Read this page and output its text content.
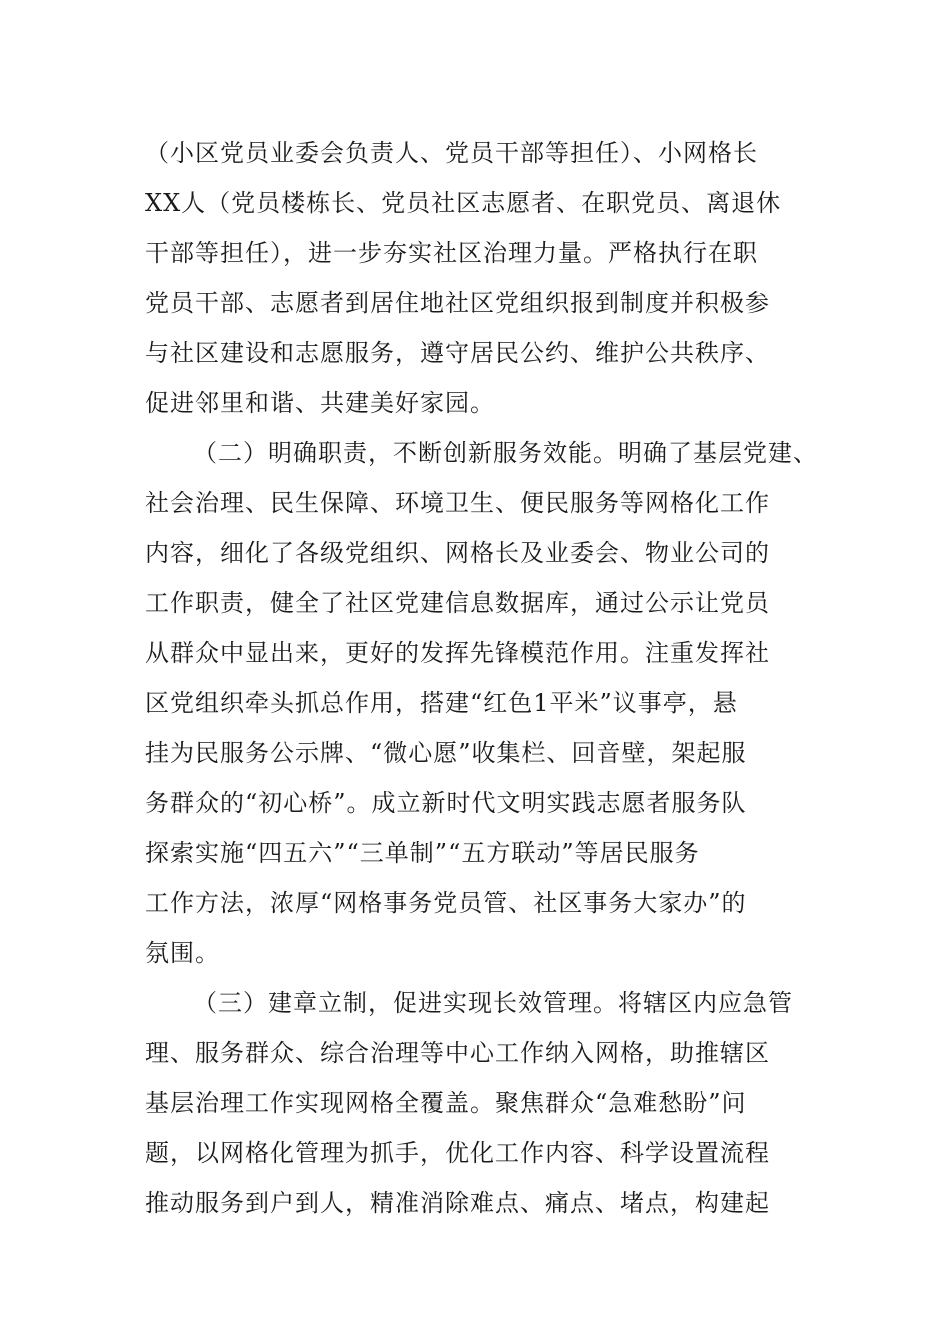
（小区党员业委会负责人、党员干部等担任）、小网格长
XX人（党员楼栋长、党员社区志愿者、在职党员、离退休
干部等担任），进一步夯实社区治理力量。严格执行在职
党员干部、志愿者到居住地社区党组织报到制度并积极参
与社区建设和志愿服务，遵守居民公约、维护公共秩序、
促进邻里和谐、共建美好家园。
（二）明确职责，不断创新服务效能。明确了基层党建、
社会治理、民生保障、环境卫生、便民服务等网格化工作
内容，细化了各级党组织、网格长及业委会、物业公司的
工作职责，健全了社区党建信息数据库，通过公示让党员
从群众中显出来，更好的发挥先锋模范作用。注重发挥社
区党组织牵头抓总作用，搭建“红色1平米”议事亭，悬
挂为民服务公示牌、“微心愿”收集栏、回音壁，架起服
务群众的“初心桥”。成立新时代文明实践志愿者服务队
探索实施“四五六”“三单制”“五方联动”等居民服务
工作方法，浓厚“网格事务党员管、社区事务大家办”的
氛围。
（三）建章立制，促进实现长效管理。将辖区内应急管
理、服务群众、综合治理等中心工作纳入网格，助推辖区
基层治理工作实现网格全覆盖。聚焦群众“急难愁盼”问
题，以网格化管理为抓手，优化工作内容、科学设置流程
推动服务到户到人，精准消除难点、痛点、堵点，构建起
